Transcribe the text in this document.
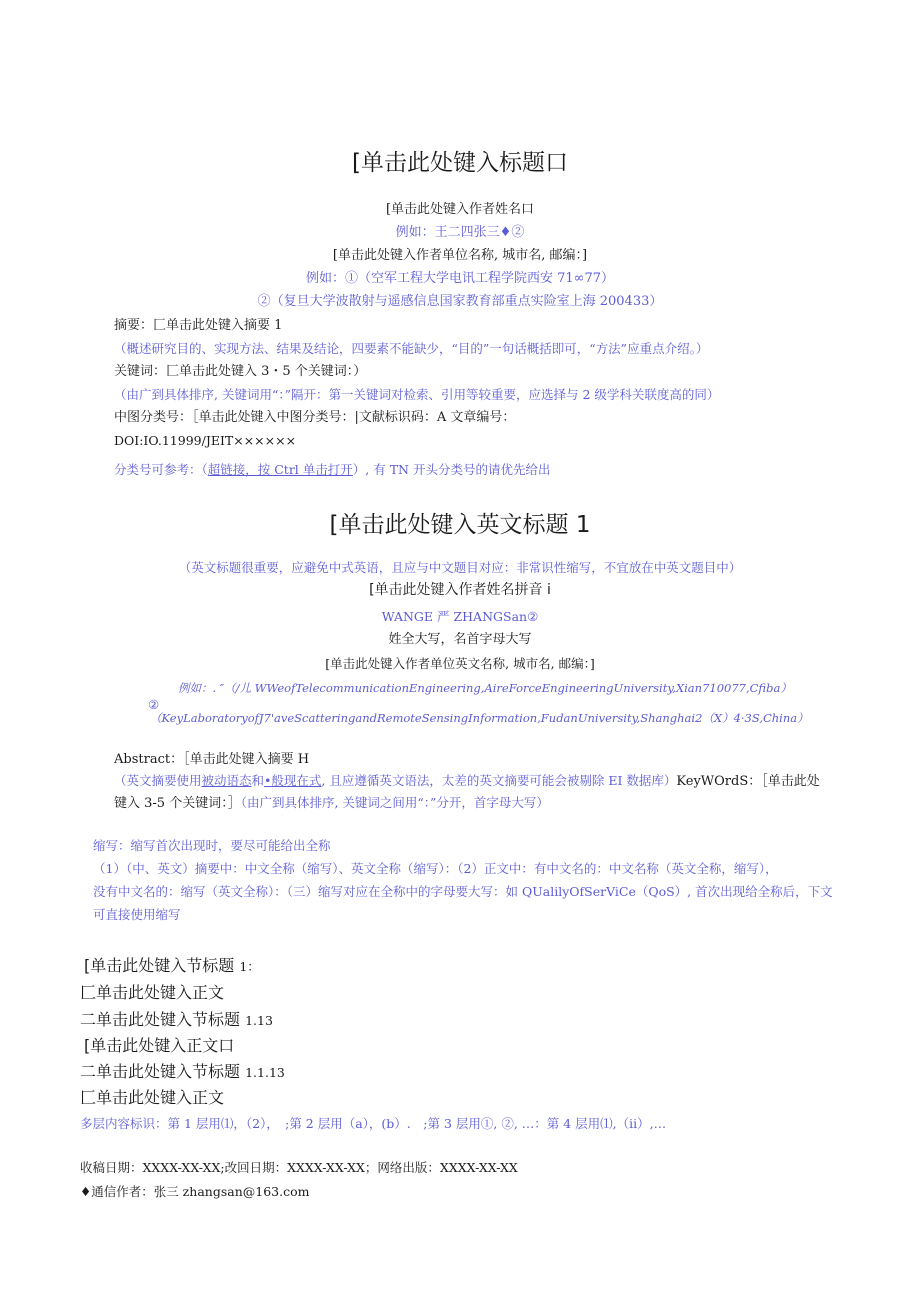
[单击此处键入标题口
[单击此处键入作者姓名口
例如：王二四张三♦②
[单击此处键入作者单位名称, 城市名, 邮编：]
例如：①（空军工程大学电讯工程学院西安 71∞77）
②（复旦大学波散射与遥感信息国家教育部重点实险室上海 200433）
摘要：匚单击此处键入摘要 1
（概述研究目的、实现方法、结果及结论，四要素不能缺少，“目的”一句话概括即可，“方法”应重点介绍。）
关键词：匚单击此处键入 3・5 个关键词：）
（由广到具体排序, 关键词用“：”隔开：第一关键词对检索、引用等较重要，应选择与 2 级学科关联度高的同）
中图分类号：［单击此处键入中图分类号：|文献标识码：A 文章编号：
DOI:IO.11999/JEIT××××××
分类号可参考：（超链接，按 Ctrl 单击打开）, 有 TN 开头分类号的请优先给出
[单击此处键入英文标题 1
（英文标题很重要，应避免中式英语，且应与中文题目对应：非常识性缩写，不宜放在中英文题目中）
[单击此处键入作者姓名拼音 i
WANGE 严 ZHANGSan②
姓全大写，名首字母大写
[单击此处键入作者单位英文名称, 城市名, 邮编：]
例如：. ″（/儿 WWeofTelecommunicationEngineering,AireForceEngineeringUniversity,Xian710077,Cfiba）
②
（KeyLaboratoryofJ7'aveScatteringandRemoteSensingInformation,FudanUniversity,Shanghai2（X）4·3S,China）
Abstract：［单击此处键入摘要 H
（英文摘要使用被动语态和•般现在式, 且应遵循英文语法，太差的英文摘要可能会被剔除 EI 数据库）KeyWOrdS：［单击此处
键入 3-5 个关键词：］（由广到具体排序, 关键词之间用“：”分开，首字母大写）
缩写：缩写首次出现时，要尽可能给出全称
（1）（中、英文）摘要中：中文全称（缩写）、英文全称（缩写）：（2）正文中：有中文名的：中文名称（英文全称，缩写），
没有中文名的：缩写（英文全称）：（三）缩写对应在全称中的字母要大写：如 QUalilyOfSerViCe（QoS）, 首次出现给全称后，下文
可直接使用缩写
[单击此处键入节标题 1：
匚单击此处键入正文
二单击此处键入节标题 1.13
[单击此处键入正文口
二单击此处键入节标题 1.1.13
匚单击此处键入正文
多层内容标识：第 1 层用⑴，（2），　;第 2 层用（a），(b）.　;第 3 层用①, ②, …：第 4 层用⑴,（ii）,…
收稿日期：XXXX-XX-XX;改回日期：XXXX-XX-XX；网络出版：XXXX-XX-XX
♦通信作者：张三 zhangsan@163.com
